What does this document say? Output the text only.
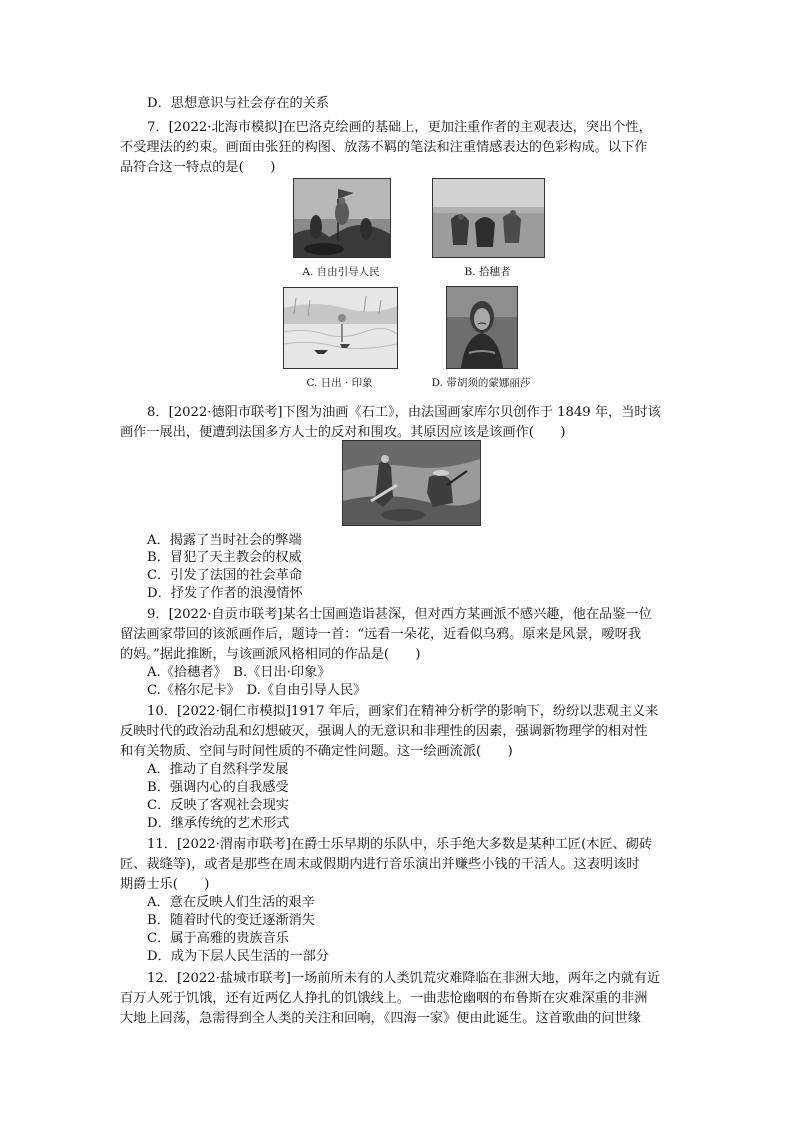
D．思想意识与社会存在的关系
7．[2022·北海市模拟]在巴洛克绘画的基础上，更加注重作者的主观表达，突出个性，
不受理法的约束。画面由张狂的构图、放荡不羁的笔法和注重情感表达的色彩构成。以下作
品符合这一特点的是(　　)
A. 自由引导人民	B. 拾穗者
C. 日出 · 印象	D. 带胡须的蒙娜丽莎
8．[2022·德阳市联考]下图为油画《石工》，由法国画家库尔贝创作于 1849 年，当时该
画作一展出，便遭到法国多方人士的反对和围攻。其原因应该是该画作(　　)
A．揭露了当时社会的弊端
B．冒犯了天主教会的权威
C．引发了法国的社会革命
D．抒发了作者的浪漫情怀
9．[2022·自贡市联考]某名士国画造诣甚深，但对西方某画派不感兴趣，他在品鉴一位
留法画家带回的该派画作后，题诗一首：“远看一朵花，近看似乌鸦。原来是风景，嗳呀我
的妈。”据此推断，与该画派风格相同的作品是(　　)
A.《拾穗者》　B.《日出·印象》
C.《格尔尼卡》　D.《自由引导人民》
10．[2022·铜仁市模拟]1917 年后，画家们在精神分析学的影响下，纷纷以悲观主义来
反映时代的政治动乱和幻想破灭，强调人的无意识和非理性的因素，强调新物理学的相对性
和有关物质、空间与时间性质的不确定性问题。这一绘画流派(　　)
A．推动了自然科学发展
B．强调内心的自我感受
C．反映了客观社会现实
D．继承传统的艺术形式
11．[2022·渭南市联考]在爵士乐早期的乐队中，乐手绝大多数是某种工匠(木匠、砌砖
匠、裁缝等)，或者是那些在周末或假期内进行音乐演出并赚些小钱的干活人。这表明该时
期爵士乐(　　)
A．意在反映人们生活的艰辛
B．随着时代的变迁逐渐消失
C．属于高雅的贵族音乐
D．成为下层人民生活的一部分
12．[2022·盐城市联考]一场前所未有的人类饥荒灾难降临在非洲大地，两年之内就有近
百万人死于饥饿，还有近两亿人挣扎的饥饿线上。一曲悲怆幽咽的布鲁斯在灾难深重的非洲
大地上回荡，急需得到全人类的关注和回响，《四海一家》便由此诞生。这首歌曲的问世缘
